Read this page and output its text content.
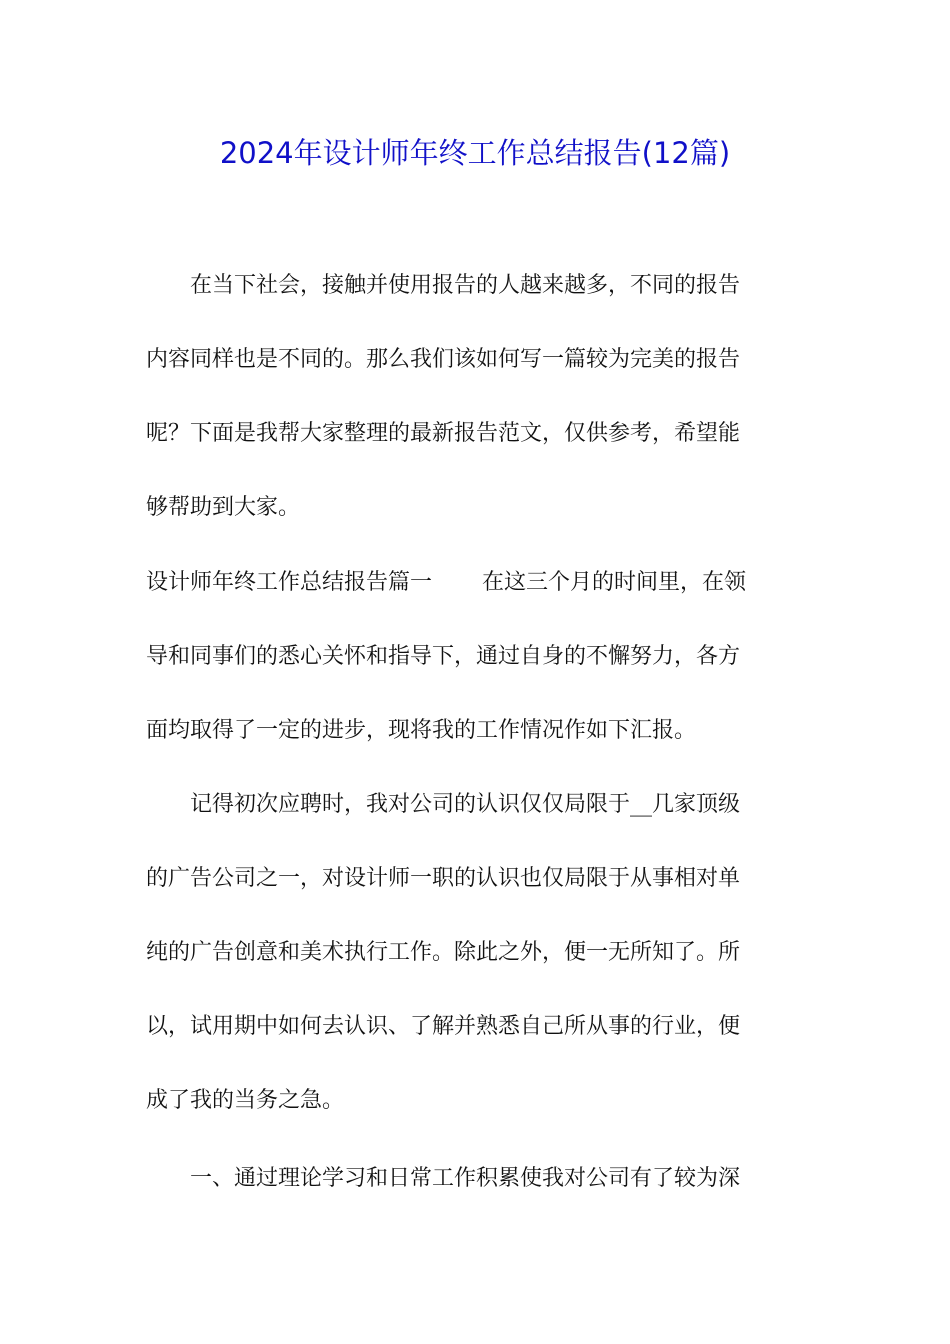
2024年设计师年终工作总结报告(12篇)
　　在当下社会，接触并使用报告的人越来越多，不同的报告
内容同样也是不同的。那么我们该如何写一篇较为完美的报告
呢？下面是我帮大家整理的最新报告范文，仅供参考，希望能
够帮助到大家。
设计师年终工作总结报告篇一 在这三个月的时间里，在领
导和同事们的悉心关怀和指导下，通过自身的不懈努力，各方
面均取得了一定的进步，现将我的工作情况作如下汇报。
　　记得初次应聘时，我对公司的认识仅仅局限于__几家顶级
的广告公司之一，对设计师一职的认识也仅局限于从事相对单
纯的广告创意和美术执行工作。除此之外，便一无所知了。所
以，试用期中如何去认识、了解并熟悉自己所从事的行业，便
成了我的当务之急。
　　一、通过理论学习和日常工作积累使我对公司有了较为深
